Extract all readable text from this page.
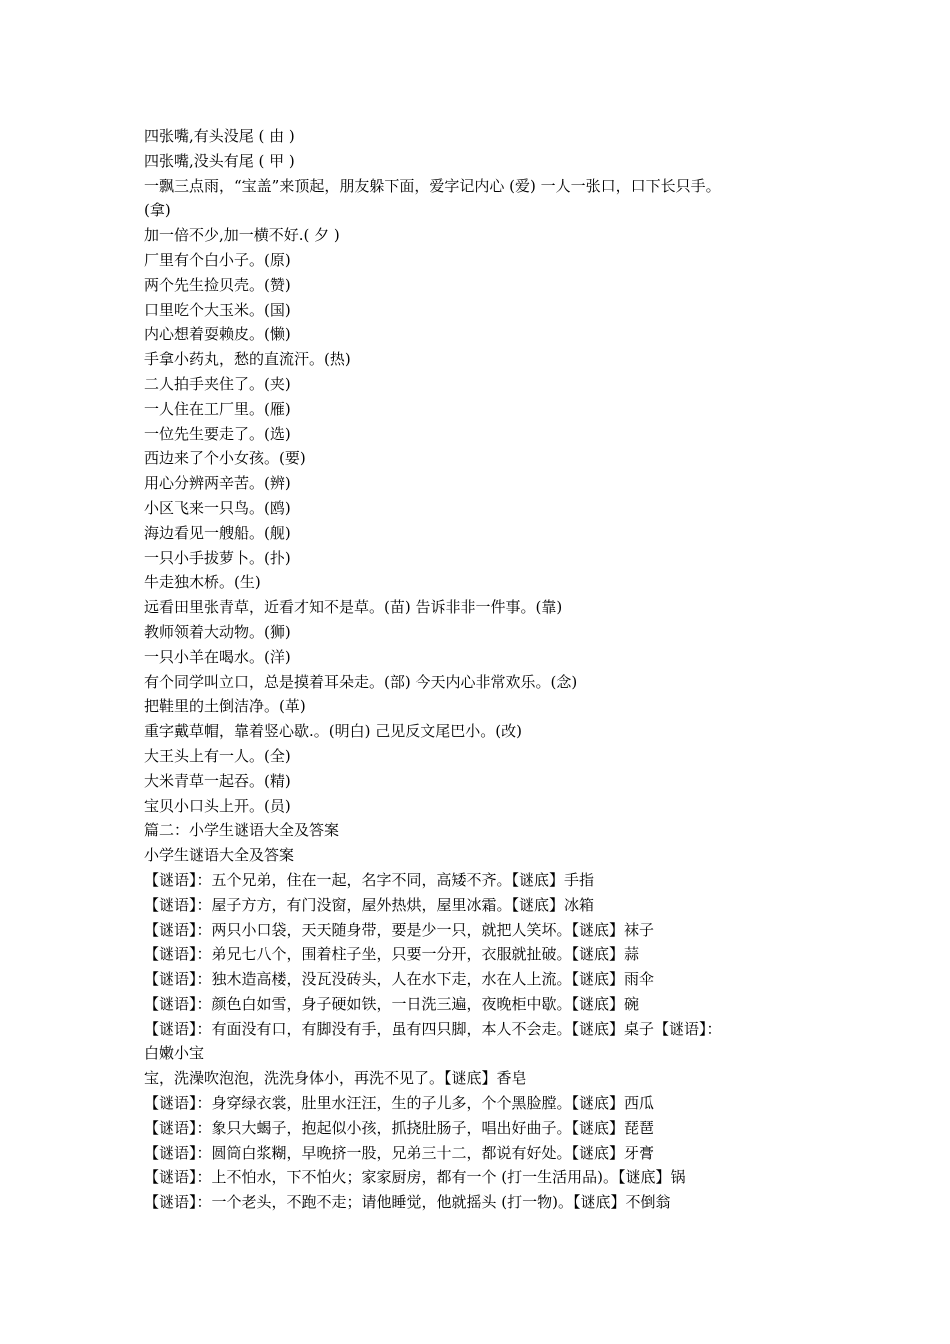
四张嘴,有头没尾 ( 由 )
四张嘴,没头有尾 ( 甲 )
一飘三点雨，“宝盖”来顶起，朋友躲下面，爱字记内心 (爱) 一人一张口，口下长只手。
(拿)
加一倍不少,加一横不好.( 夕 )
厂里有个白小子。(原)
两个先生捡贝壳。(赞)
口里吃个大玉米。(国)
内心想着耍赖皮。(懒)
手拿小药丸，愁的直流汗。(热)
二人拍手夹住了。(夹)
一人住在工厂里。(雁)
一位先生要走了。(选)
西边来了个小女孩。(要)
用心分辨两辛苦。(辨)
小区飞来一只鸟。(鸥)
海边看见一艘船。(舰)
一只小手拔萝卜。(扑)
牛走独木桥。(生)
远看田里张青草，近看才知不是草。(苗) 告诉非非一件事。(靠)
教师领着大动物。(狮)
一只小羊在喝水。(洋)
有个同学叫立口，总是摸着耳朵走。(部) 今天内心非常欢乐。(念)
把鞋里的土倒洁净。(革)
重字戴草帽，靠着竖心歇.。(明白) 己见反文尾巴小。(改)
大王头上有一人。(全)
大米青草一起吞。(精)
宝贝小口头上开。(员)
篇二：小学生谜语大全及答案
小学生谜语大全及答案
【谜语】：五个兄弟，住在一起，名字不同，高矮不齐。【谜底】手指
【谜语】：屋子方方，有门没窗，屋外热烘，屋里冰霜。【谜底】冰箱
【谜语】：两只小口袋，天天随身带，要是少一只，就把人笑坏。【谜底】袜子
【谜语】：弟兄七八个，围着柱子坐，只要一分开，衣服就扯破。【谜底】蒜
【谜语】：独木造高楼，没瓦没砖头，人在水下走，水在人上流。【谜底】雨伞
【谜语】：颜色白如雪，身子硬如铁，一日洗三遍，夜晚柜中歇。【谜底】碗
【谜语】：有面没有口，有脚没有手，虽有四只脚，本人不会走。【谜底】桌子【谜语】：
白嫩小宝
宝，洗澡吹泡泡，洗洗身体小，再洗不见了。【谜底】香皂
【谜语】：身穿绿衣裳，肚里水汪汪，生的子儿多，个个黑脸膛。【谜底】西瓜
【谜语】：象只大蝎子，抱起似小孩，抓挠肚肠子，唱出好曲子。【谜底】琵琶
【谜语】：圆筒白浆糊，早晚挤一股，兄弟三十二，都说有好处。【谜底】牙膏
【谜语】：上不怕水，下不怕火；家家厨房，都有一个 (打一生活用品)。【谜底】锅
【谜语】：一个老头，不跑不走；请他睡觉，他就摇头 (打一物)。【谜底】不倒翁
